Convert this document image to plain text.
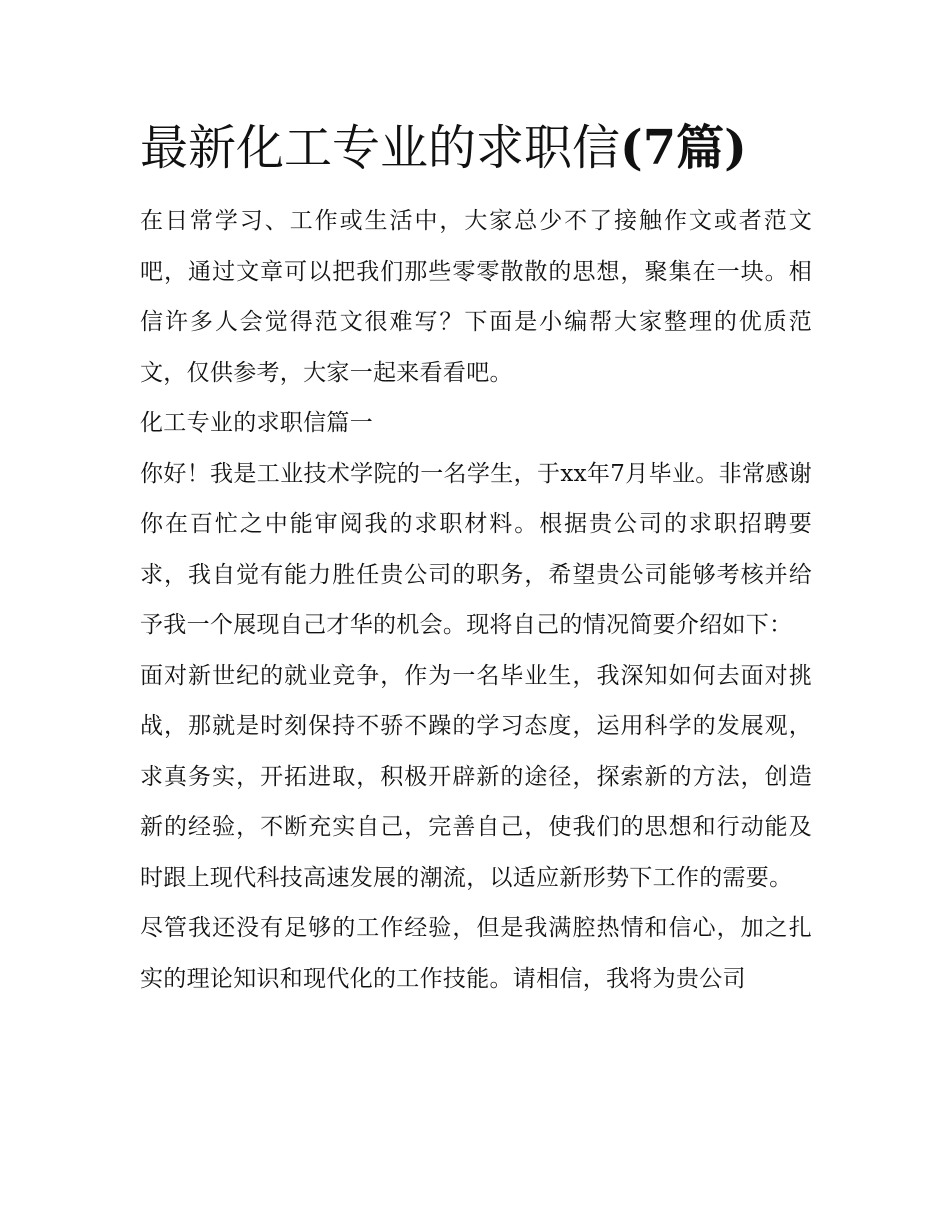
最新化工专业的求职信(7篇)

在日常学习、工作或生活中，大家总少不了接触作文或者范文吧，通过文章可以把我们那些零零散散的思想，聚集在一块。相信许多人会觉得范文很难写？下面是小编帮大家整理的优质范文，仅供参考，大家一起来看看吧。

化工专业的求职信篇一

你好！我是工业技术学院的一名学生，于xx年7月毕业。非常感谢你在百忙之中能审阅我的求职材料。根据贵公司的求职招聘要求，我自觉有能力胜任贵公司的职务，希望贵公司能够考核并给予我一个展现自己才华的机会。现将自己的情况简要介绍如下：

面对新世纪的就业竞争，作为一名毕业生，我深知如何去面对挑战，那就是时刻保持不骄不躁的学习态度，运用科学的发展观，求真务实，开拓进取，积极开辟新的途径，探索新的方法，创造新的经验，不断充实自己，完善自己，使我们的思想和行动能及时跟上现代科技高速发展的潮流，以适应新形势下工作的需要。

尽管我还没有足够的工作经验，但是我满腔热情和信心，加之扎实的理论知识和现代化的工作技能。请相信，我将为贵公司
